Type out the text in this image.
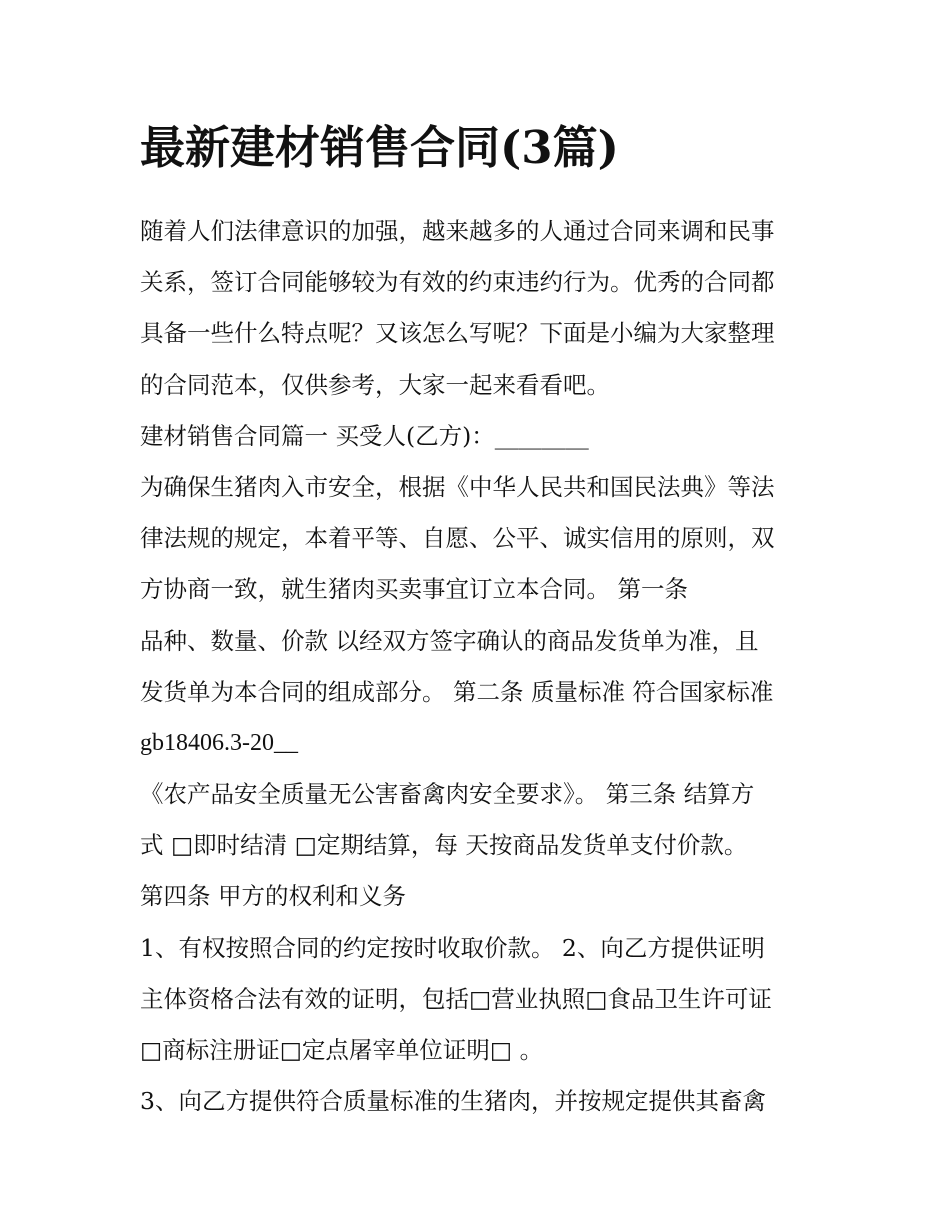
最新建材销售合同(3篇)
随着人们法律意识的加强，越来越多的人通过合同来调和民事
关系，签订合同能够较为有效的约束违约行为。优秀的合同都
具备一些什么特点呢？又该怎么写呢？下面是小编为大家整理
的合同范本，仅供参考，大家一起来看看吧。
建材销售合同篇一 买受人(乙方)：________
为确保生猪肉入市安全，根据《中华人民共和国民法典》等法
律法规的规定，本着平等、自愿、公平、诚实信用的原则，双
方协商一致，就生猪肉买卖事宜订立本合同。 第一条
品种、数量、价款 以经双方签字确认的商品发货单为准，且
发货单为本合同的组成部分。 第二条 质量标准 符合国家标准
gb18406.3-20__
《农产品安全质量无公害畜禽肉安全要求》。 第三条 结算方
式 □即时结清 □定期结算，每 天按商品发货单支付价款。
第四条 甲方的权利和义务
1、有权按照合同的约定按时收取价款。 2、向乙方提供证明
主体资格合法有效的证明，包括□营业执照□食品卫生许可证
□商标注册证□定点屠宰单位证明□ 。
3、向乙方提供符合质量标准的生猪肉，并按规定提供其畜禽
